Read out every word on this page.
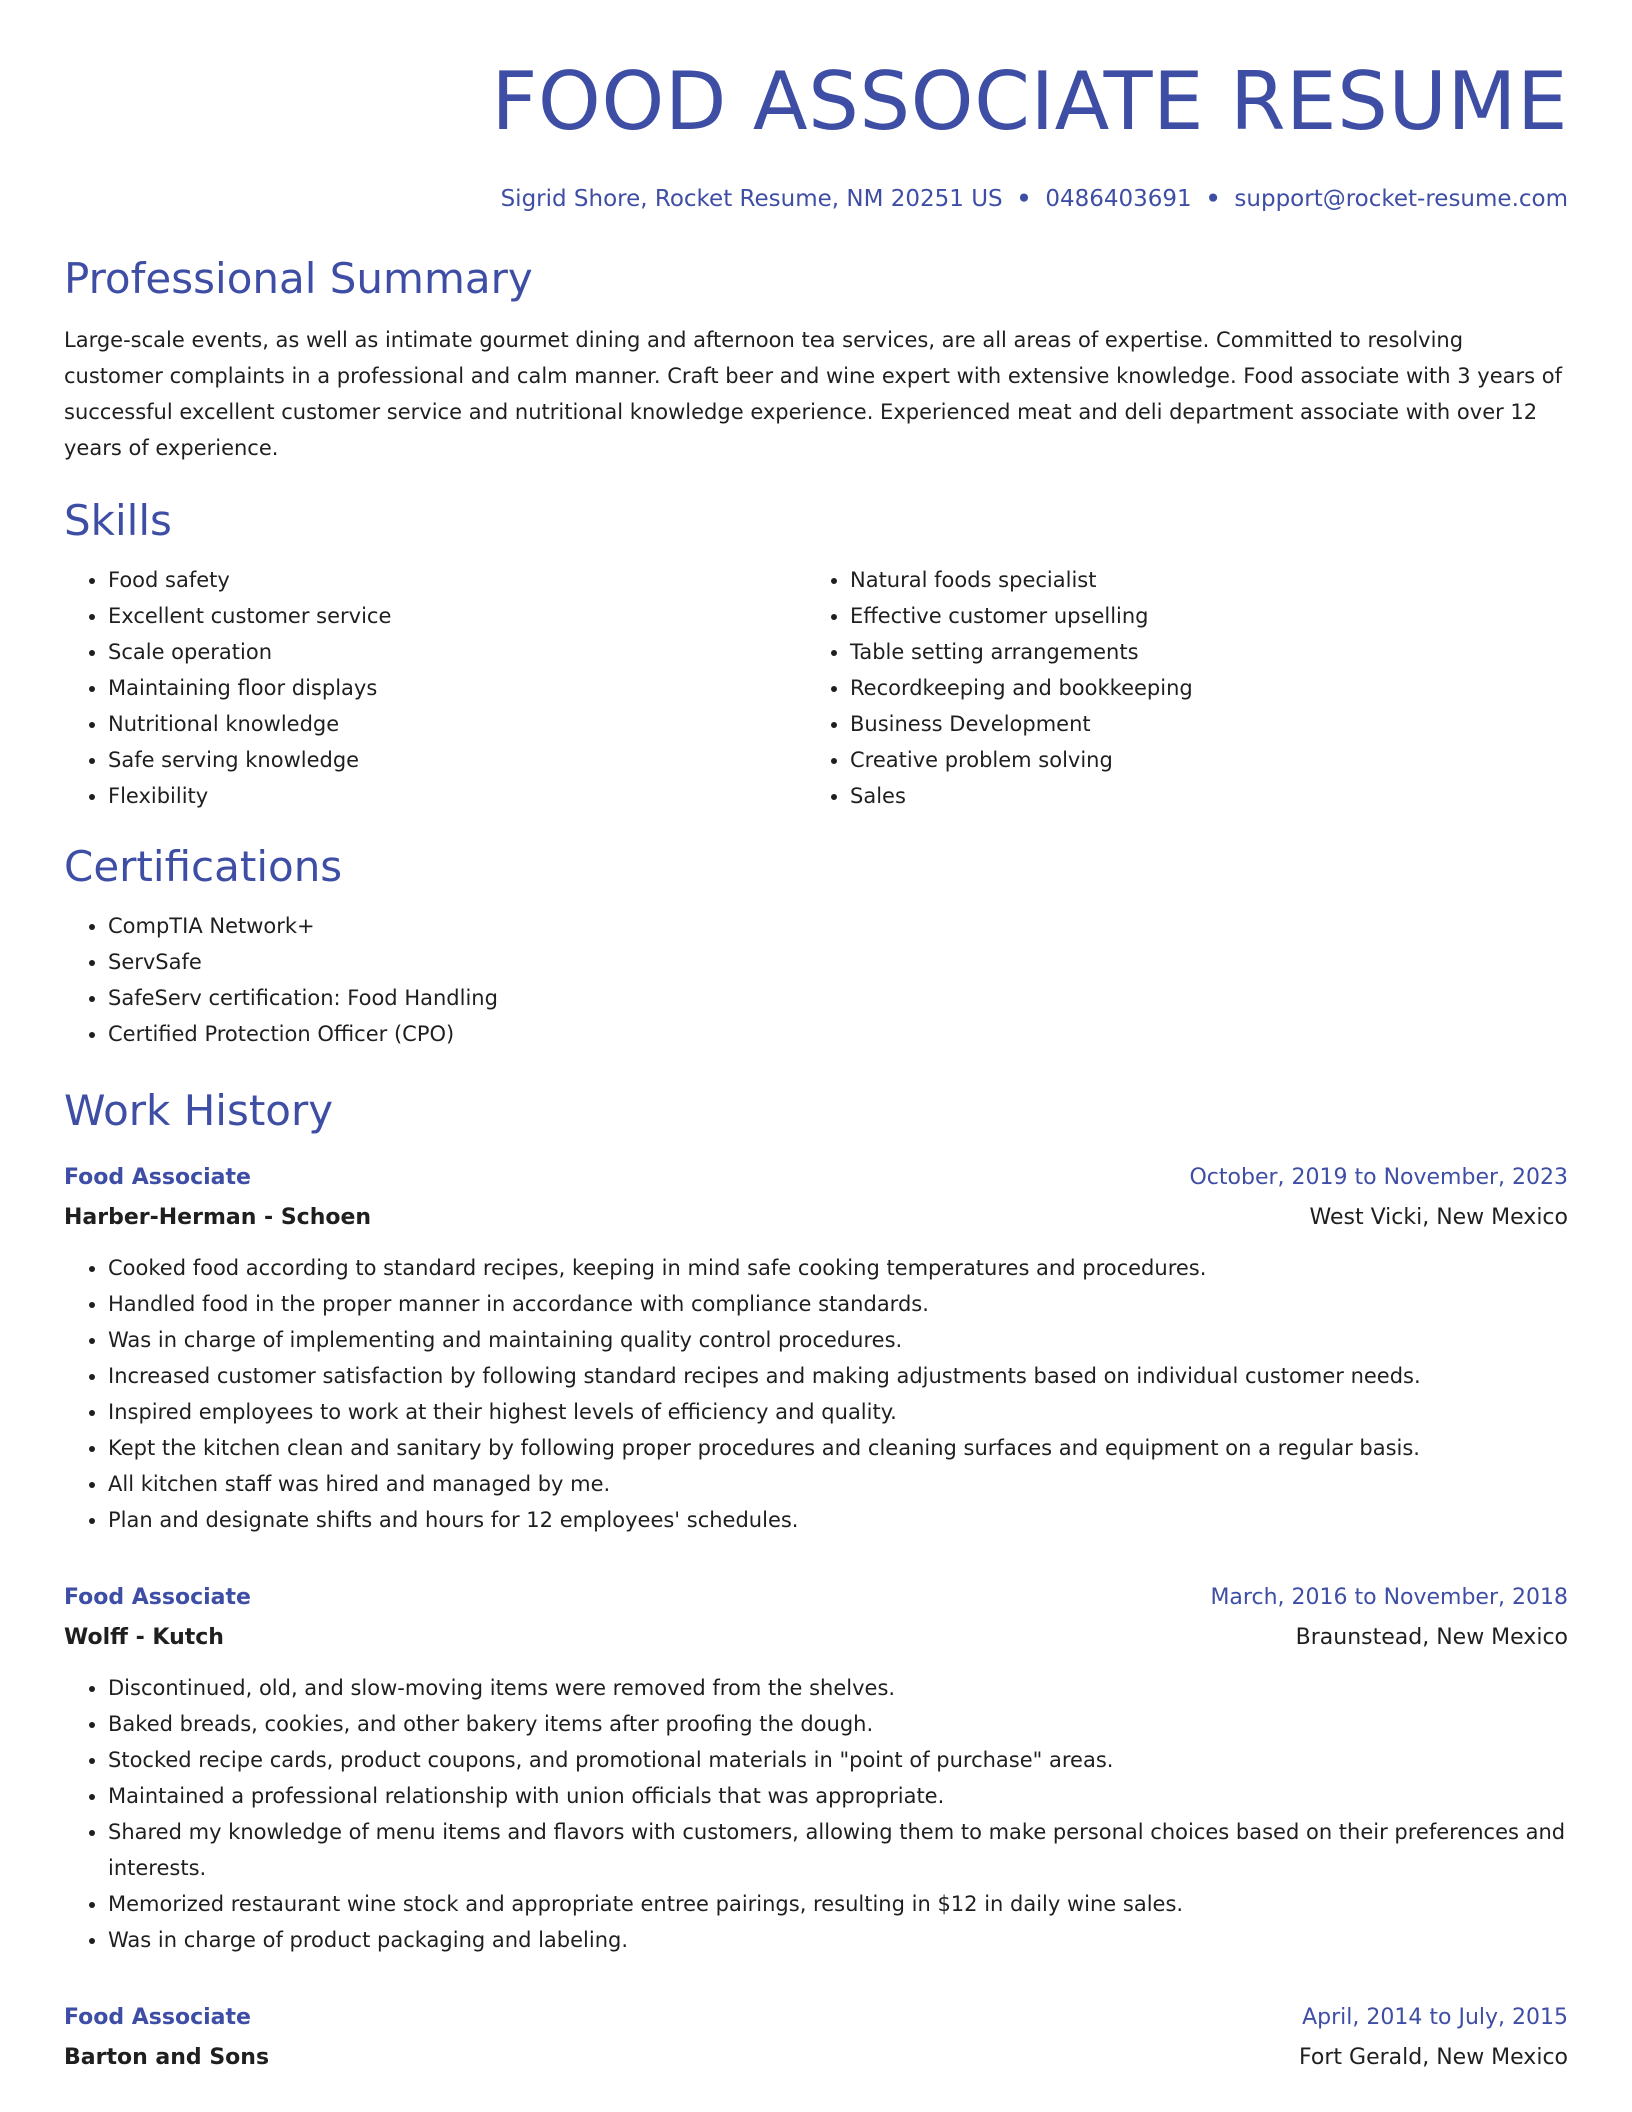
FOOD ASSOCIATE RESUME
Sigrid Shore, Rocket Resume, NM 20251 US • 0486403691 • support@rocket-resume.com
Professional Summary
Large-scale events, as well as intimate gourmet dining and afternoon tea services, are all areas of expertise. Committed to resolving customer complaints in a professional and calm manner. Craft beer and wine expert with extensive knowledge. Food associate with 3 years of successful excellent customer service and nutritional knowledge experience. Experienced meat and deli department associate with over 12 years of experience.
Skills
• Food safety
• Excellent customer service
• Scale operation
• Maintaining floor displays
• Nutritional knowledge
• Safe serving knowledge
• Flexibility
• Natural foods specialist
• Effective customer upselling
• Table setting arrangements
• Recordkeeping and bookkeeping
• Business Development
• Creative problem solving
• Sales
Certifications
• CompTIA Network+
• ServSafe
• SafeServ certification: Food Handling
• Certified Protection Officer (CPO)
Work History
Food Associate	October, 2019 to November, 2023
Harber-Herman - Schoen	West Vicki, New Mexico
• Cooked food according to standard recipes, keeping in mind safe cooking temperatures and procedures.
• Handled food in the proper manner in accordance with compliance standards.
• Was in charge of implementing and maintaining quality control procedures.
• Increased customer satisfaction by following standard recipes and making adjustments based on individual customer needs.
• Inspired employees to work at their highest levels of efficiency and quality.
• Kept the kitchen clean and sanitary by following proper procedures and cleaning surfaces and equipment on a regular basis.
• All kitchen staff was hired and managed by me.
• Plan and designate shifts and hours for 12 employees' schedules.
Food Associate	March, 2016 to November, 2018
Wolff - Kutch	Braunstead, New Mexico
• Discontinued, old, and slow-moving items were removed from the shelves.
• Baked breads, cookies, and other bakery items after proofing the dough.
• Stocked recipe cards, product coupons, and promotional materials in "point of purchase" areas.
• Maintained a professional relationship with union officials that was appropriate.
• Shared my knowledge of menu items and flavors with customers, allowing them to make personal choices based on their preferences and interests.
• Memorized restaurant wine stock and appropriate entree pairings, resulting in $12 in daily wine sales.
• Was in charge of product packaging and labeling.
Food Associate	April, 2014 to July, 2015
Barton and Sons	Fort Gerald, New Mexico
